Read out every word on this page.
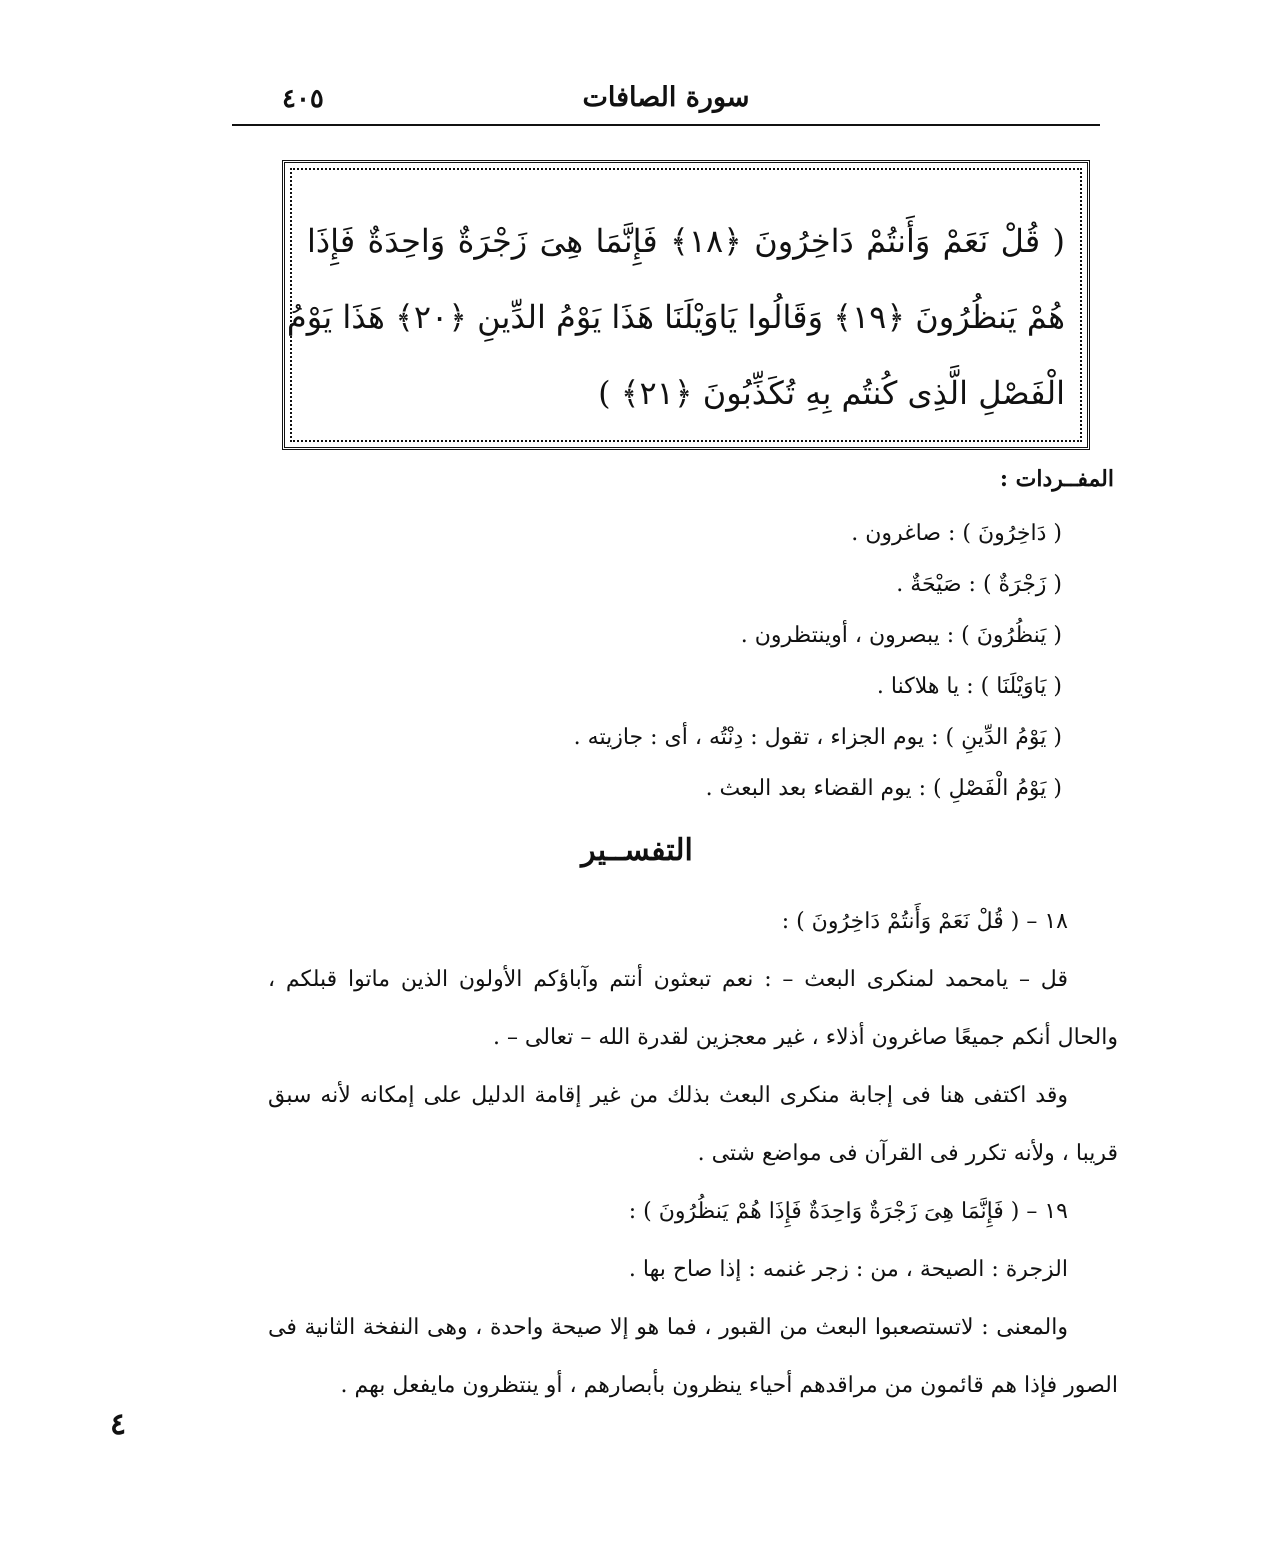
سورة الصافات
٤٠٥
( قُلْ نَعَمْ وَأَنتُمْ دَاخِرُونَ ﴿١٨﴾ فَإِنَّمَا هِىَ زَجْرَةٌ وَاحِدَةٌ فَإِذَا
هُمْ يَنظُرُونَ ﴿١٩﴾ وَقَالُوا يَاوَيْلَنَا هَذَا يَوْمُ الدِّينِ ﴿٢٠﴾ هَذَا يَوْمُ
الْفَصْلِ الَّذِى كُنتُم بِهِ تُكَذِّبُونَ ﴿٢١﴾ )
المفــردات :
( دَاخِرُونَ ) : صاغرون .
( زَجْرَةٌ ) : صَيْحَةٌ .
( يَنظُرُونَ ) : يبصرون ، أوينتظرون .
( يَاوَيْلَنَا ) : يا هلاكنا .
( يَوْمُ الدِّينِ ) : يوم الجزاء ، تقول : دِنْتُه ، أى : جازيته .
( يَوْمُ الْفَصْلِ ) : يوم القضاء بعد البعث .
التفســير

١٨ – ( قُلْ نَعَمْ وَأَنتُمْ دَاخِرُونَ ) :

قل – يامحمد لمنكرى البعث – : نعم تبعثون أنتم وآباؤكم الأولون الذين ماتوا قبلكم ، والحال أنكم جميعًا صاغرون أذلاء ، غير معجزين لقدرة الله – تعالى – .

وقد اكتفى هنا فى إجابة منكرى البعث بذلك من غير إقامة الدليل على إمكانه لأنه سبق قريبا ، ولأنه تكرر فى القرآن فى مواضع شتى .

١٩ – ( فَإِنَّمَا هِىَ زَجْرَةٌ وَاحِدَةٌ فَإِذَا هُمْ يَنظُرُونَ ) :

الزجرة : الصيحة ، من : زجر غنمه : إذا صاح بها .

والمعنى : لاتستصعبوا البعث من القبور ، فما هو إلا صيحة واحدة ، وهى النفخة الثانية فى الصور فإذا هم قائمون من مراقدهم أحياء ينظرون بأبصارهم ، أو ينتظرون مايفعل بهم .

٤
